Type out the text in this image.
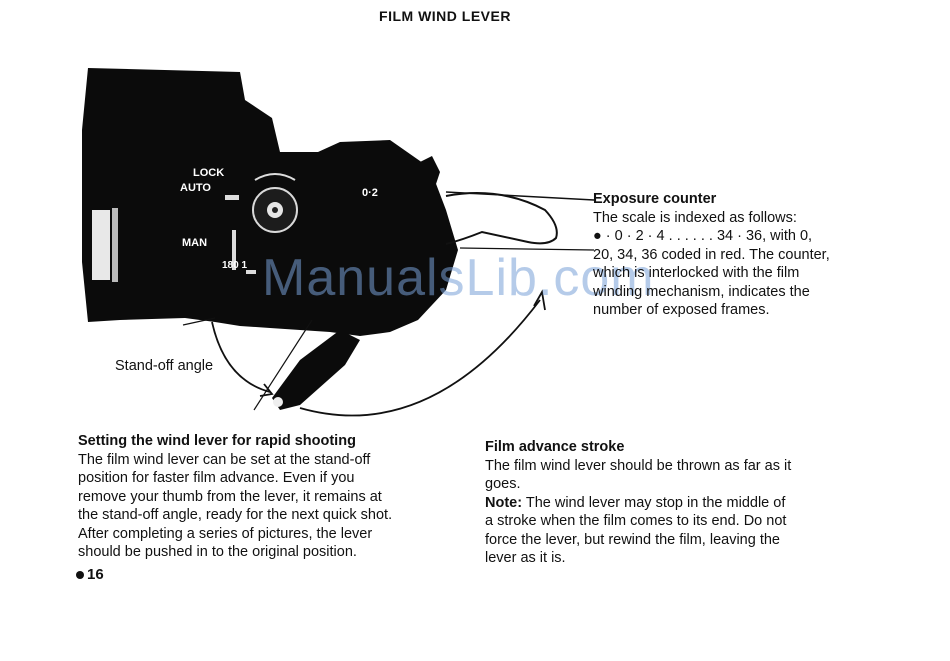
FILM WIND LEVER
LOCK
AUTO
MAN
180 1
0·2
ManualsLib.com
Stand-off angle
Exposure counter
The scale is indexed as follows:
● · 0 · 2 · 4 . . . . . . 34 · 36, with 0,
20, 34, 36 coded in red. The counter,
which is interlocked with the film
winding mechanism, indicates the
number of exposed frames.
Setting the wind lever for rapid shooting
The film wind lever can be set at the stand-off
position for faster film advance. Even if you
remove your thumb from the lever, it remains at
the stand-off angle, ready for the next quick shot.
After completing a series of pictures, the lever
should be pushed in to the original position.
Film advance stroke
The film wind lever should be thrown as far as it
goes.
Note: The wind lever may stop in the middle of
a stroke when the film comes to its end. Do not
force the lever, but rewind the film, leaving the
lever as it is.
16
